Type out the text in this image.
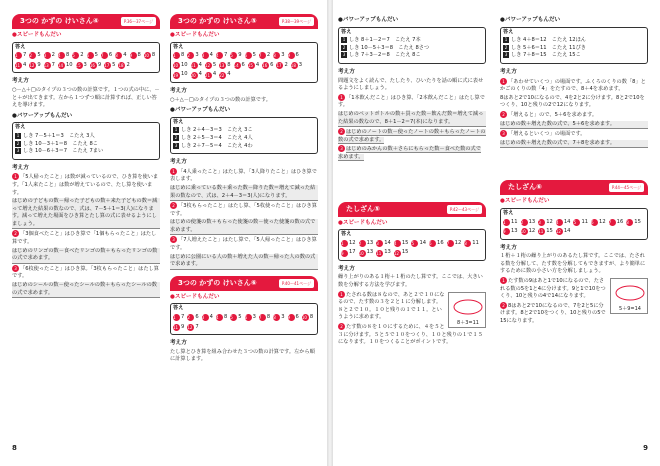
3つの かずの けいさん④	P.36～37ページ
●スピードもんだい
答え
1	7 2	5 3	2 4	8 5	2 6	5 7	6 8	4 9	8 10 8
11 4 12 9 13 7 14 10 15 3 16 9 17 5 18 2
考え方

○－△＋□のタイプの３つの数の計算です。１つの式の中に、－と＋が出てきます。左から１つずつ順に計算すれば、正しい答えを導けます。

●パワーアップもんだい
答え
1 しき 7－5＋1＝3　こたえ 3人
2 しき 10－3＋1＝8　こたえ 8こ
3 しき 10－6＋3＝7　こたえ 7まい
考え方

1 「5人帰ったこと」は数が減っているので、ひき算を使います。「1人来たこと」は数が増えているので、たし算を使います。

はじめの子どもの数－帰った子どもの数＋来た子どもの数＝減って増えた結果の数なので、式は、7－5＋1＝3(人)になります。減って増えた場面をひき算とたし算の式に表せるようにしましょう。

2 「3個食べたこと」はひき算で「1個もらったこと」はたし算です。

はじめのリンゴの数－食べたリンゴの数＋もらったリンゴの数の式で求めます。

3 「6枚使ったこと」はひき算。「3枚もらったこと」はたし算です。

はじめのシールの数－使ったシールの数＋もらったシールの数の式で求めます。

3つの かずの けいさん⑤	P.38～39ページ
●スピードもんだい
答え
1	8 2	3 3	4 4	7 5	9 6	5 7	2 8	3 9	6
10 10 11 4 12 5 13 8 14 6 15 4 16 6 17 2 18 3
19 10 20 4 21 4 22 4
考え方

○＋△－□のタイプの３つの数の計算です。

●パワーアップもんだい
答え
1 しき 2＋4－3＝3　こたえ 3こ
2 しき 2＋5－3＝4　こたえ 4人
3 しき 2＋7－5＝4　こたえ 4わ
考え方

1 「4人乗ったこと」はたし算、「3人降りたこと」はひき算で表します。

はじめに乗っている数＋乗った数－降りた数＝増えて減った結果の数なので、式は、2＋4－3＝3(人)になります。

2 「3枚もらったこと」はたし算、「5枚使ったこと」はひき算です。

はじめの使箋の数＋もらった使箋の数－使った使箋の数の式で求めます。

3 「7人増えたこと」はたし算で、「5人帰ったこと」はひき算です。

はじめに公園にいる人の数＋増えた人の数－帰った人の数の式で求めます。

3つの かずの けいさん⑥	P.40～41ページ
●スピードもんだい
答え
1	7 2	6 3	4 4	8 5	5 6	3 7	8 8	3 9	6 10 8
11 9 12 7
考え方

たし算とひき算を組み合わせた３つの数の計算です。左から順に計算します。

8
●パワーアップもんだい
答え
1 しき 8＋1－2＝7　こたえ 7本
2 しき 10－5＋3＝8　こたえ 8さつ
3 しき 7＋3－2＝8　こたえ 8こ
考え方

問題文をよく読んで、たしたり、ひいたりを話の順に式に表せるようにしましょう。

1 「1本飲んだこと」はひき算、「2本飲んだこと」はたし算です。

はじめのペットボトルの数＋買った数－飲んだ数＝増えて減った結果の数なので、8＋1－2＝7(本)になります。

2 はじめのノートの数－使ったノートの数＋もらったノートの数の式で求めます。

3 はじめのみかんの数＋さらにもらった数－食べた数の式で求めます。

たしざん⑤	P.42～43ページ
●スピードもんだい
答え
1	12 2	13 3	14 4	15 5	14 6	16 7	12 8	11
9	17 10 13 11 13 12 15
考え方

繰り上がりのある１桁＋１桁のたし算です。ここでは、大きい数を分解する方法を学びます。

8＋3=11

1 たされる数は８なので、あと２で１０になるので、たす数の３を２と１に分解します。８と２で１０。１０と残りの１で１１。というように求めます。

2 たす数の８を１０にするために、４を５と３に分けます。５と５で１０をつくり、１０と残りの１で１５になります。１０をつくることがポイントです。

●パワーアップもんだい
答え
1 しき 4＋8＝12　こたえ 12ほん
2 しき 5＋6＝11　こたえ 11ぴき
3 しき 7＋8＝15　こたえ 15こ
考え方

1 「あわせていくつ」の場面です。ふくろのくりの数「8」とかごのくりの数「4」をたすので、8＋4を求めます。

8はあと2で10になるので、4を2と2に分けます。8と2で10をつくり、10と残りの2で12になります。

2 「増えると」ので、5＋6を求めます。

はじめの数＋増えた数の式で、5＋6を求めます。

3 「増えるといくつ」の場面です。

はじめの数＋増えた数の式で、7＋8を求めます。

たしざん⑥	P.44～45ページ
●スピードもんだい
答え
1	11 2	13 3	12 4	14 5	11 6	12 7	16 8	15
9	13 10 12 11 15 12 14
考え方

１桁＋１桁の繰り上がりのあるたし算です。ここでは、たされる数を分解して、たす数を分解してもできますが、より簡単にするために数の小さい方を分解しましょう。

5＋9=14

1 たす数の9はあと1で10になるので、たされる数の5を1と4に分けます。9と1で10をつくり、10と残りの4で14になります。

2 8はあと2で10になるので、7を2と5に分けます。8と2で10をつくり、10と残りの5で15になります。

9
